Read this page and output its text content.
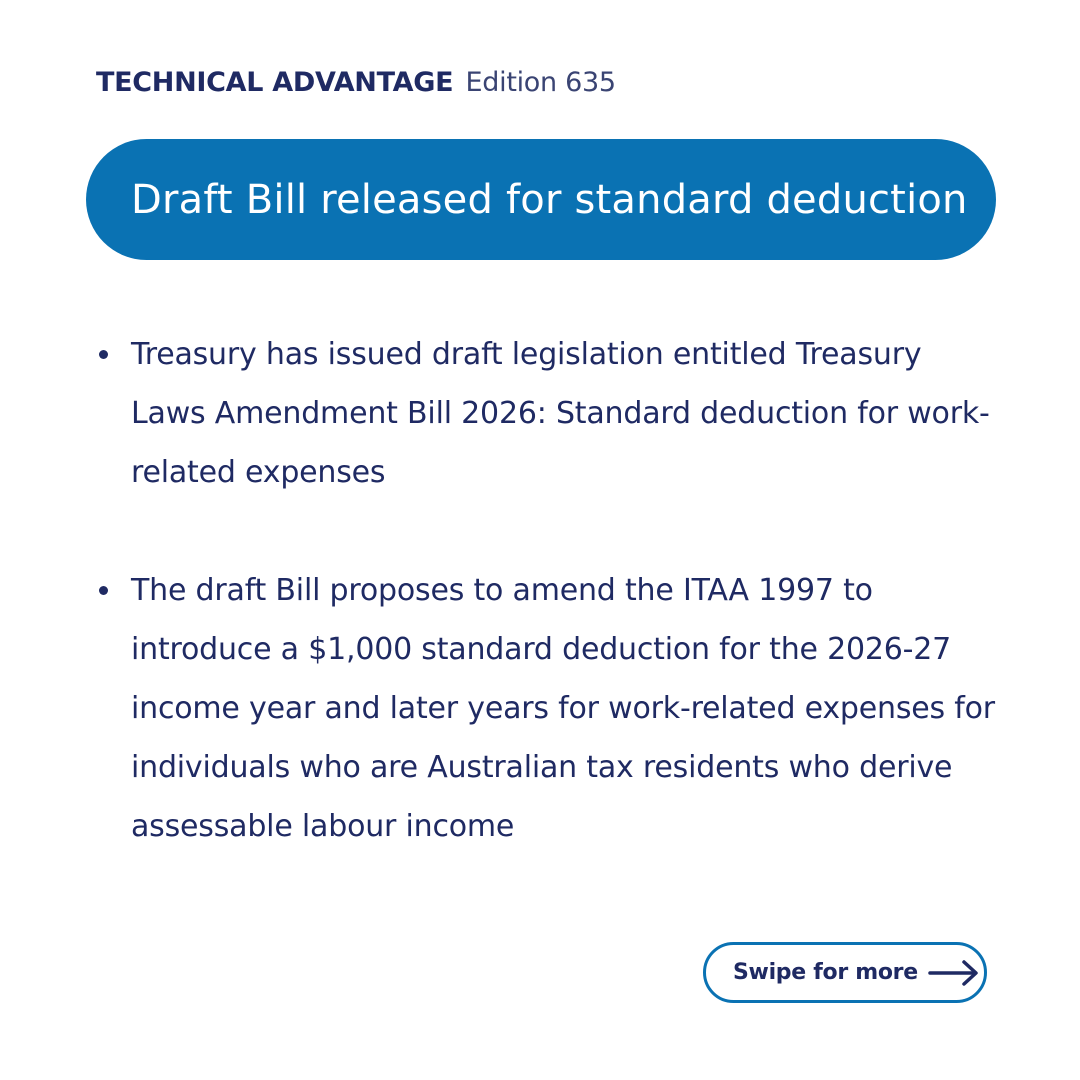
TECHNICAL ADVANTAGE Edition 635
Draft Bill released for standard deduction
Treasury has issued draft legislation entitled Treasury Laws Amendment Bill 2026: Standard deduction for work-related expenses
The draft Bill proposes to amend the ITAA 1997 to introduce a $1,000 standard deduction for the 2026-27 income year and later years for work-related expenses for individuals who are Australian tax residents who derive assessable labour income
Swipe for more
